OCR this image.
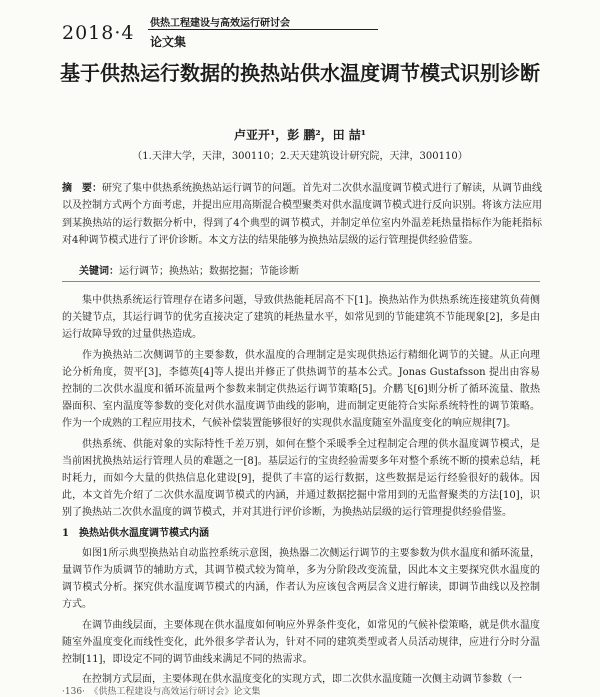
2018·4 供热工程建设与高效运行研讨会
论文集
基于供热运行数据的换热站供水温度调节模式识别诊断
卢亚开¹，彭 鹏²，田 喆¹
（1.天津大学，天津，300110；2.天天建筑设计研究院，天津，300110）
摘　要：研究了集中供热系统换热站运行调节的问题。首先对二次供水温度调节模式进行了解读，从调节曲线以及控制方式两个方面考虑，并提出应用高斯混合模型聚类对供水温度调节模式进行反向识别。将该方法应用到某换热站的运行数据分析中，得到了4个典型的调节模式，并制定单位室内外温差耗热量指标作为能耗指标对4种调节模式进行了评价诊断。本文方法的结果能够为换热站层级的运行管理提供经验借鉴。
关键词：运行调节；换热站；数据挖掘；节能诊断

集中供热系统运行管理存在诸多问题，导致供热能耗居高不下[1]。换热站作为供热系统连接建筑负荷侧的关键节点，其运行调节的优劣直接决定了建筑的耗热量水平，如常见到的节能建筑不节能现象[2]，多是由运行故障导致的过量供热造成。

作为换热站二次侧调节的主要参数，供水温度的合理制定是实现供热运行精细化调节的关键。从正向理论分析角度，贺平[3]，李德英[4]等人提出并修正了供热调节的基本公式。Jonas Gustafsson 提出由容易控制的二次供水温度和循环流量两个参数来制定供热运行调节策略[5]。介鹏飞[6]则分析了循环流量、散热器面积、室内温度等参数的变化对供水温度调节曲线的影响，进而制定更能符合实际系统特性的调节策略。作为一个成熟的工程应用技术，气候补偿装置能够很好的实现供水温度随室外温度变化的响应规律[7]。

供热系统、供能对象的实际特性千差万别，如何在整个采暖季全过程制定合理的供水温度调节模式，是当前困扰换热站运行管理人员的难题之一[8]。基层运行的宝贵经验需要多年对整个系统不断的摸索总结，耗时耗力，而如今大量的供热信息化建设[9]，提供了丰富的运行数据，这些数据是运行经验很好的载体。因此，本文首先介绍了二次供水温度调节模式的内涵，并通过数据挖掘中常用到的无监督聚类的方法[10]，识别了换热站二次供水温度的调节模式，并对其进行评价诊断，为换热站层级的运行管理提供经验借鉴。

1　换热站供水温度调节模式内涵

如图1所示典型换热站自动监控系统示意图，换热器二次侧运行调节的主要参数为供水温度和循环流量，量调节作为质调节的辅助方式，其调节模式较为简单，多为分阶段改变流量，因此本文主要探究供水温度的调节模式分析。探究供水温度调节模式的内涵，作者认为应该包含两层含义进行解读，即调节曲线以及控制方式。

在调节曲线层面，主要体现在供水温度如何响应外界条件变化，如常见的气候补偿策略，就是供水温度随室外温度变化而线性变化，此外很多学者认为，针对不同的建筑类型或者人员活动规律，应进行分时分温控制[11]，即设定不同的调节曲线来满足不同的热需求。

在控制方式层面，主要体现在供水温度变化的实现方式，即二次供水温度随一次侧主动调节参数（一

·136·　《供热工程建设与高效运行研讨会》论文集
